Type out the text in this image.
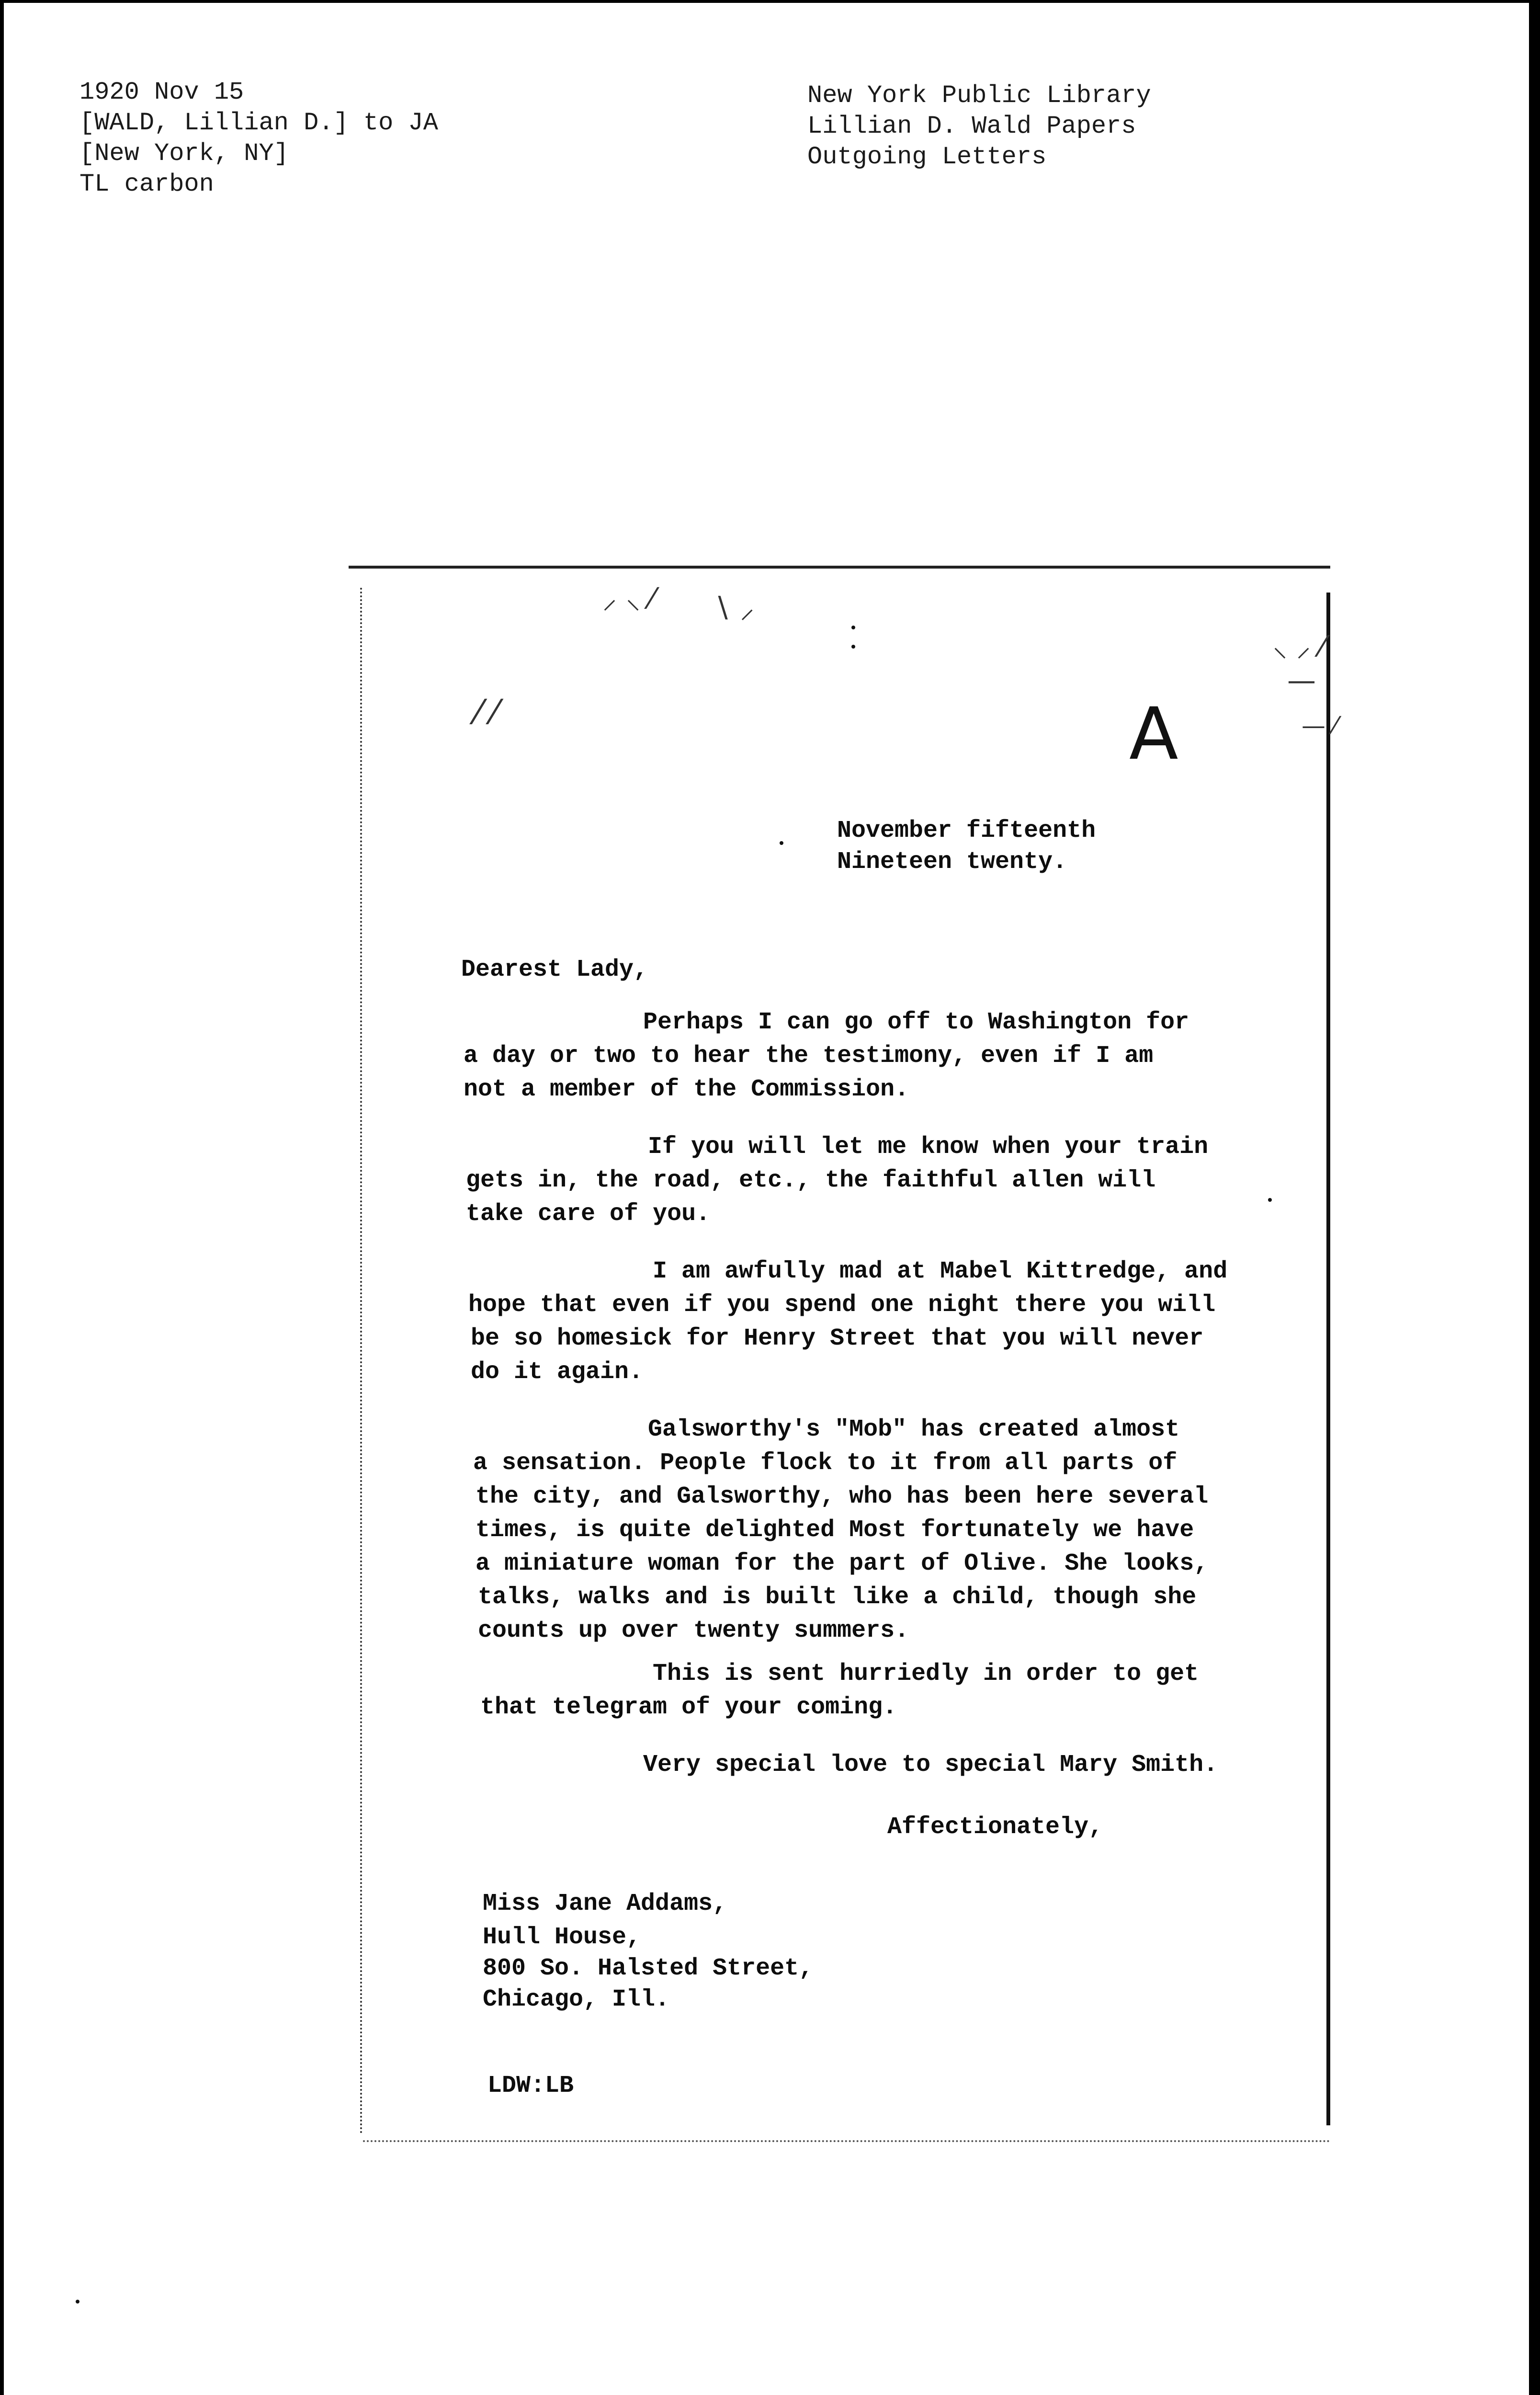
1920 Nov 15
[WALD, Lillian D.] to JA
[New York, NY]
TL carbon
New York Public Library
Lillian D. Wald Papers
Outgoing Letters
⁄ ⁄
⸝ ⸜ ⁄ ∖ ⸝
⸜ ⸝ ⁄
—
— ⁄
A
November fifteenth
Nineteen twenty.
Dearest Lady,
Perhaps I can go off to Washington for
a day or two to hear the testimony, even if I am
not a member of the Commission.
If you will let me know when your train
gets in, the road, etc., the faithful allen will
take care of you.
I am awfully mad at Mabel Kittredge, and
hope that even if you spend one night there you will
be so homesick for Henry Street that you will never
do it again.
Galsworthy's "Mob" has created almost
a sensation. People flock to it from all parts of
the city, and Galsworthy, who has been here several
times, is quite delighted Most fortunately we have
a miniature woman for the part of Olive. She looks,
talks, walks and is built like a child, though she
counts up over twenty summers.
This is sent hurriedly in order to get
that telegram of your coming.
Very special love to special Mary Smith.
Affectionately,
Miss Jane Addams,
Hull House,
800 So. Halsted Street,
Chicago, Ill.
LDW:LB
